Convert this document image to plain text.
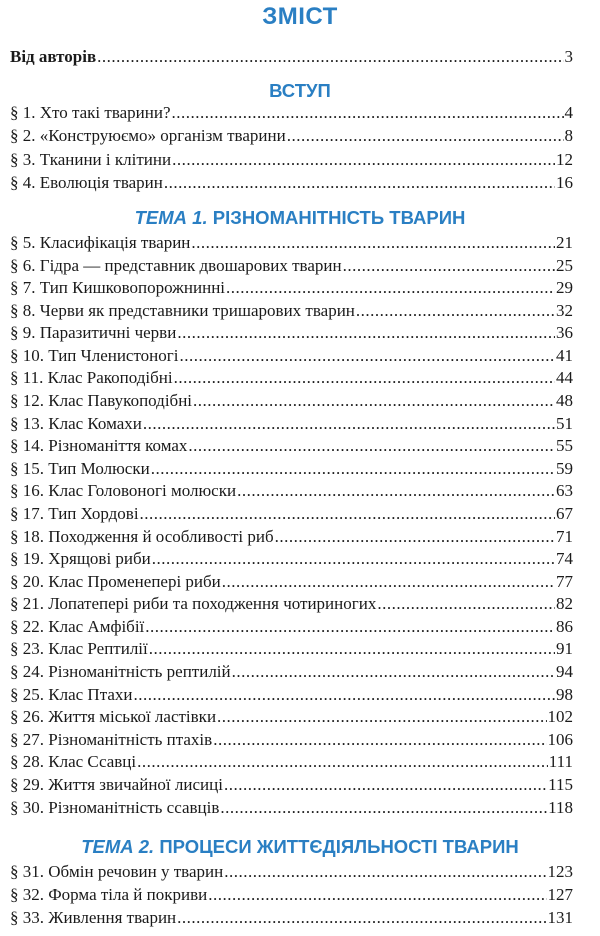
ЗМІСТ
Від авторів .....	3
ВСТУП
§ 1. Хто такі тварини? .....	4
§ 2. «Конструюємо» організм тварини .....	8
§ 3. Тканини і клітини .....	12
§ 4. Еволюція тварин .....	16
ТЕМА 1. РІЗНОМАНІТНІСТЬ ТВАРИН
§ 5. Класифікація тварин .....	21
§ 6. Гідра — представник двошарових тварин .....	25
§ 7. Тип Кишковопорожнинні .....	29
§ 8. Черви як представники тришарових тварин .....	32
§ 9. Паразитичні черви .....	36
§ 10. Тип Членистоногі .....	41
§ 11. Клас Ракоподібні .....	44
§ 12. Клас Павукоподібні .....	48
§ 13. Клас Комахи .....	51
§ 14. Різноманіття комах .....	55
§ 15. Тип Молюски .....	59
§ 16. Клас Головоногі молюски .....	63
§ 17. Тип Хордові .....	67
§ 18. Походження й особливості риб .....	71
§ 19. Хрящові риби .....	74
§ 20. Клас Променепері риби .....	77
§ 21. Лопатепері риби та походження чотириногих .....	82
§ 22. Клас Амфібії .....	86
§ 23. Клас Рептилії .....	91
§ 24. Різноманітність рептилій .....	94
§ 25. Клас Птахи .....	98
§ 26. Життя міської ластівки .....	102
§ 27. Різноманітність птахів .....	106
§ 28. Клас Ссавці .....	111
§ 29. Життя звичайної лисиці .....	115
§ 30. Різноманітність ссавців .....	118
ТЕМА 2. ПРОЦЕСИ ЖИТТЄДІЯЛЬНОСТІ ТВАРИН
§ 31. Обмін речовин у тварин .....	123
§ 32. Форма тіла й покриви .....	127
§ 33. Живлення тварин .....	131
